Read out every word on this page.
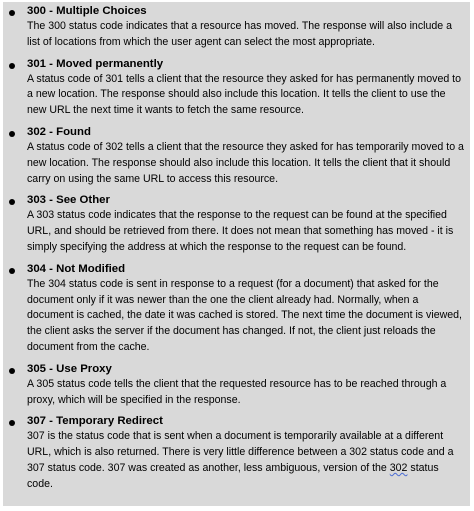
300 - Multiple Choices
The 300 status code indicates that a resource has moved. The response will also include a list of locations from which the user agent can select the most appropriate.
301 - Moved permanently
A status code of 301 tells a client that the resource they asked for has permanently moved to a new location. The response should also include this location. It tells the client to use the new URL the next time it wants to fetch the same resource.
302 - Found
A status code of 302 tells a client that the resource they asked for has temporarily moved to a new location. The response should also include this location. It tells the client that it should carry on using the same URL to access this resource.
303 - See Other
A 303 status code indicates that the response to the request can be found at the specified URL, and should be retrieved from there. It does not mean that something has moved - it is simply specifying the address at which the response to the request can be found.
304 - Not Modified
The 304 status code is sent in response to a request (for a document) that asked for the document only if it was newer than the one the client already had. Normally, when a document is cached, the date it was cached is stored. The next time the document is viewed, the client asks the server if the document has changed. If not, the client just reloads the document from the cache.
305 - Use Proxy
A 305 status code tells the client that the requested resource has to be reached through a proxy, which will be specified in the response.
307 - Temporary Redirect
307 is the status code that is sent when a document is temporarily available at a different URL, which is also returned. There is very little difference between a 302 status code and a 307 status code. 307 was created as another, less ambiguous, version of the 302 status code.
